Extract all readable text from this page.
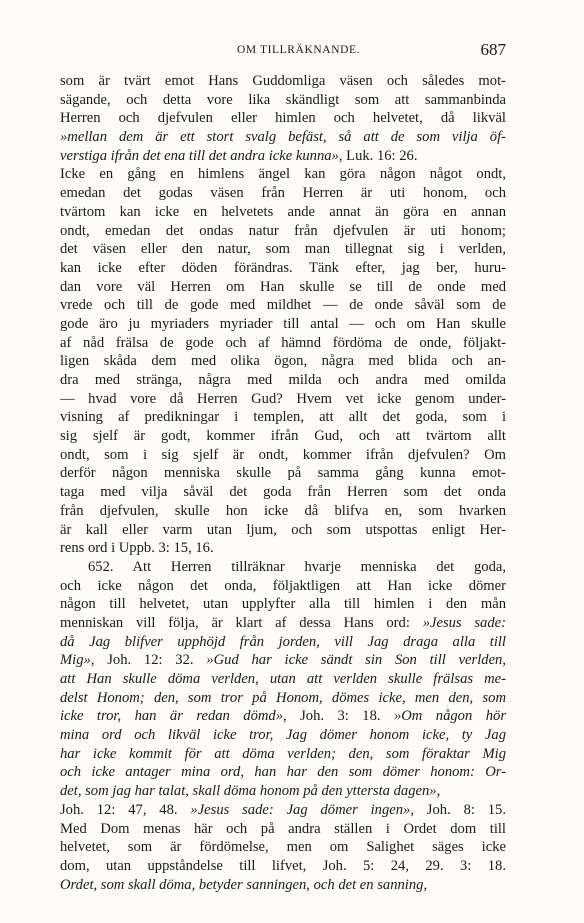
OM TILLRÄKNANDE.	687
som är tvärt emot Hans Guddomliga väsen och således mot-
sägande, och detta vore lika skändligt som att sammanbinda
Herren och djefvulen eller himlen och helvetet, då likväl
»mellan dem är ett stort svalg befäst, så att de som vilja öf-
verstiga ifrån det ena till det andra icke kunna», Luk. 16: 26.
Icke en gång en himlens ängel kan göra någon något ondt,
emedan det godas väsen från Herren är uti honom, och
tvärtom kan icke en helvetets ande annat än göra en annan
ondt, emedan det ondas natur från djefvulen är uti honom;
det väsen eller den natur, som man tillegnat sig i verlden,
kan icke efter döden förändras. Tänk efter, jag ber, huru-
dan vore väl Herren om Han skulle se till de onde med
vrede och till de gode med mildhet — de onde såväl som de
gode äro ju myriaders myriader till antal — och om Han skulle
af nåd frälsa de gode och af hämnd fördöma de onde, följakt-
ligen skåda dem med olika ögon, några med blida och an-
dra med stränga, några med milda och andra med omilda
— hvad vore då Herren Gud? Hvem vet icke genom under-
visning af predikningar i templen, att allt det goda, som i
sig sjelf är godt, kommer ifrån Gud, och att tvärtom allt
ondt, som i sig sjelf är ondt, kommer ifrån djefvulen? Om
derför någon menniska skulle på samma gång kunna emot-
taga med vilja såväl det goda från Herren som det onda
från djefvulen, skulle hon icke då blifva en, som hvarken
är kall eller varm utan ljum, och som utspottas enligt Her-
rens ord i Uppb. 3: 15, 16.
652. Att Herren tillräknar hvarje menniska det goda,
och icke någon det onda, följaktligen att Han icke dömer
någon till helvetet, utan upplyfter alla till himlen i den mån
menniskan vill följa, är klart af dessa Hans ord: »Jesus sade:
då Jag blifver upphöjd från jorden, vill Jag draga alla till
Mig», Joh. 12: 32. »Gud har icke sändt sin Son till verlden,
att Han skulle döma verlden, utan att verlden skulle frälsas me-
delst Honom; den, som tror på Honom, dömes icke, men den, som
icke tror, han är redan dömd», Joh. 3: 18. »Om någon hör
mina ord och likväl icke tror, Jag dömer honom icke, ty Jag
har icke kommit för att döma verlden; den, som föraktar Mig
och icke antager mina ord, han har den som dömer honom: Or-
det, som jag har talat, skall döma honom på den yttersta dagen»,
Joh. 12: 47, 48. »Jesus sade: Jag dömer ingen», Joh. 8: 15.
Med Dom menas här och på andra ställen i Ordet dom till
helvetet, som är fördömelse, men om Salighet säges icke
dom, utan uppståndelse till lifvet, Joh. 5: 24, 29. 3: 18.
Ordet, som skall döma, betyder sanningen, och det en sanning,
